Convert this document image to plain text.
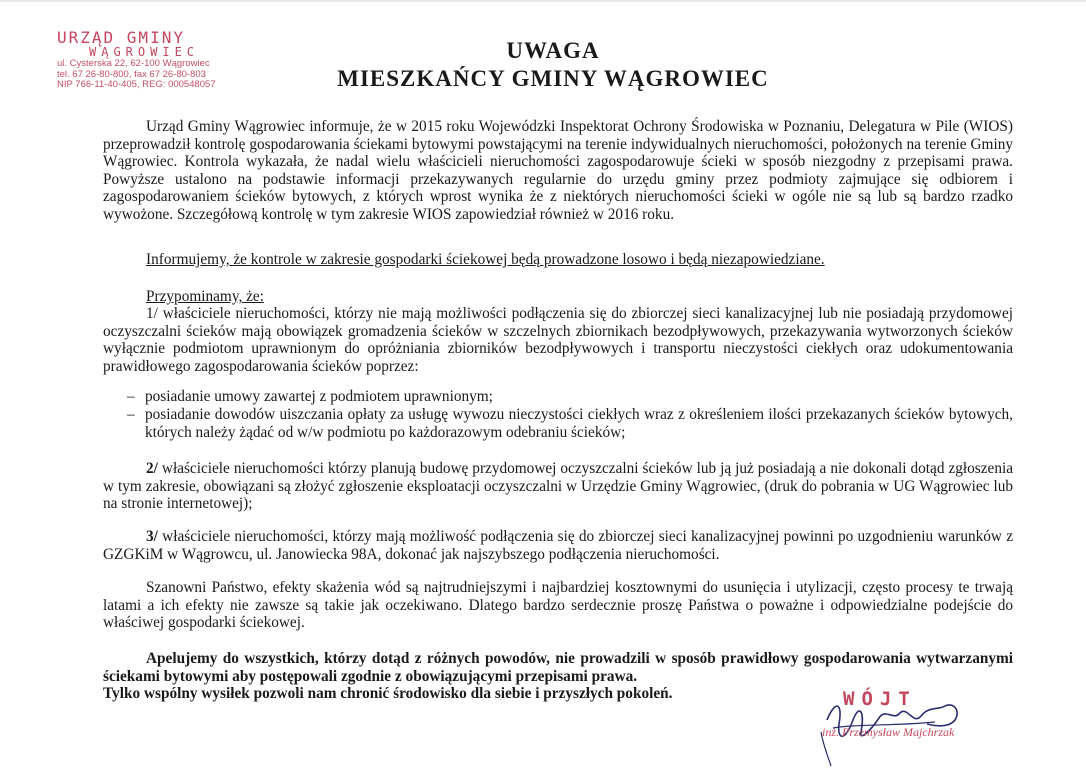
URZĄD GMINY
WĄGROWIEC
ul. Cysterska 22, 62-100 Wągrowiec
tel. 67 26-80-800, fax 67 26-80-803
NIP 766-11-40-405, REG: 000548057
UWAGA
MIESZKAŃCY GMINY WĄGROWIEC
Urząd Gminy Wągrowiec informuje, że w 2015 roku Wojewódzki Inspektorat Ochrony Środowiska w Poznaniu, Delegatura w Pile (WIOS) przeprowadził kontrolę gospodarowania ściekami bytowymi powstającymi na terenie indywidualnych nieruchomości, położonych na terenie Gminy Wągrowiec. Kontrola wykazała, że nadal wielu właścicieli nieruchomości zagospodarowuje ścieki w sposób niezgodny z przepisami prawa. Powyższe ustalono na podstawie informacji przekazywanych regularnie do urzędu gminy przez podmioty zajmujące się odbiorem i zagospodarowaniem ścieków bytowych, z których wprost wynika że z niektórych nieruchomości ścieki w ogóle nie są lub są bardzo rzadko wywożone. Szczegółową kontrolę w tym zakresie WIOS zapowiedział również w 2016 roku.
Informujemy, że kontrole w zakresie gospodarki ściekowej będą prowadzone losowo i będą niezapowiedziane.
Przypominamy, że:
1/ właściciele nieruchomości, którzy nie mają możliwości podłączenia się do zbiorczej sieci kanalizacyjnej lub nie posiadają przydomowej oczyszczalni ścieków mają obowiązek gromadzenia ścieków w szczelnych zbiornikach bezodpływowych, przekazywania wytworzonych ścieków wyłącznie podmiotom uprawnionym do opróżniania zbiorników bezodpływowych i transportu nieczystości ciekłych oraz udokumentowania prawidłowego zagospodarowania ścieków poprzez:
– posiadanie umowy zawartej z podmiotem uprawnionym;
– posiadanie dowodów uiszczania opłaty za usługę wywozu nieczystości ciekłych wraz z określeniem ilości przekazanych ścieków bytowych, których należy żądać od w/w podmiotu po każdorazowym odebraniu ścieków;
2/ właściciele nieruchomości którzy planują budowę przydomowej oczyszczalni ścieków lub ją już posiadają a nie dokonali dotąd zgłoszenia w tym zakresie, obowiązani są złożyć zgłoszenie eksploatacji oczyszczalni w Urzędzie Gminy Wągrowiec, (druk do pobrania w UG Wągrowiec lub na stronie internetowej);
3/ właściciele nieruchomości, którzy mają możliwość podłączenia się do zbiorczej sieci kanalizacyjnej powinni po uzgodnieniu warunków z GZGKiM w Wągrowcu, ul. Janowiecka 98A, dokonać jak najszybszego podłączenia nieruchomości.
Szanowni Państwo, efekty skażenia wód są najtrudniejszymi i najbardziej kosztownymi do usunięcia i utylizacji, często procesy te trwają latami a ich efekty nie zawsze są takie jak oczekiwano. Dlatego bardzo serdecznie proszę Państwa o poważne i odpowiedzialne podejście do właściwej gospodarki ściekowej.
Apelujemy do wszystkich, którzy dotąd z różnych powodów, nie prowadzili w sposób prawidłowy gospodarowania wytwarzanymi ściekami bytowymi aby postępowali zgodnie z obowiązującymi przepisami prawa.
Tylko wspólny wysiłek pozwoli nam chronić środowisko dla siebie i przyszłych pokoleń.	WÓJT
inż. Przemysław Majchrzak
